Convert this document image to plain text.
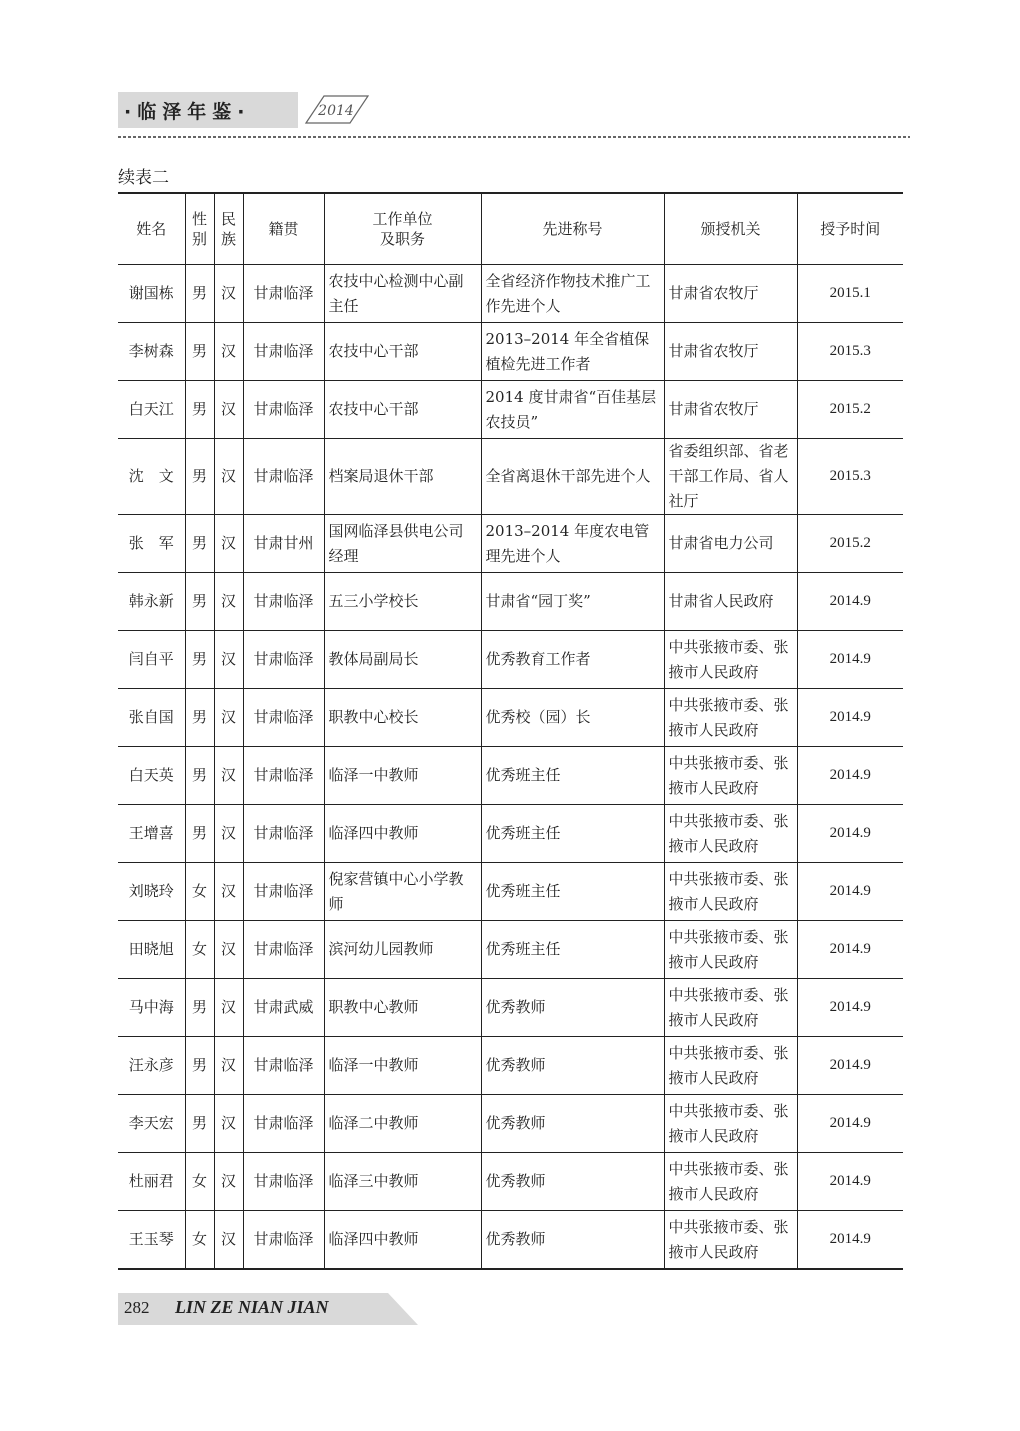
·临泽年鉴·	2014
续表二
姓名	性别	民族	籍贯	工作单位及职务	先进称号	颁授机关	授予时间
谢国栋	男	汉	甘肃临泽	农技中心检测中心副主任	全省经济作物技术推广工作先进个人	甘肃省农牧厅	2015.1
李树森	男	汉	甘肃临泽	农技中心干部	2013–2014 年全省植保植检先进工作者	甘肃省农牧厅	2015.3
白天江	男	汉	甘肃临泽	农技中心干部	2014 度甘肃省“百佳基层农技员”	甘肃省农牧厅	2015.2
沈　文	男	汉	甘肃临泽	档案局退休干部	全省离退休干部先进个人	省委组织部、省老干部工作局、省人社厅	2015.3
张　军	男	汉	甘肃甘州	国网临泽县供电公司经理	2013–2014 年度农电管理先进个人	甘肃省电力公司	2015.2
韩永新	男	汉	甘肃临泽	五三小学校长	甘肃省“园丁奖”	甘肃省人民政府	2014.9
闫自平	男	汉	甘肃临泽	教体局副局长	优秀教育工作者	中共张掖市委、张掖市人民政府	2014.9
张自国	男	汉	甘肃临泽	职教中心校长	优秀校（园）长	中共张掖市委、张掖市人民政府	2014.9
白天英	男	汉	甘肃临泽	临泽一中教师	优秀班主任	中共张掖市委、张掖市人民政府	2014.9
王增喜	男	汉	甘肃临泽	临泽四中教师	优秀班主任	中共张掖市委、张掖市人民政府	2014.9
刘晓玲	女	汉	甘肃临泽	倪家营镇中心小学教师	优秀班主任	中共张掖市委、张掖市人民政府	2014.9
田晓旭	女	汉	甘肃临泽	滨河幼儿园教师	优秀班主任	中共张掖市委、张掖市人民政府	2014.9
马中海	男	汉	甘肃武威	职教中心教师	优秀教师	中共张掖市委、张掖市人民政府	2014.9
汪永彦	男	汉	甘肃临泽	临泽一中教师	优秀教师	中共张掖市委、张掖市人民政府	2014.9
李天宏	男	汉	甘肃临泽	临泽二中教师	优秀教师	中共张掖市委、张掖市人民政府	2014.9
杜丽君	女	汉	甘肃临泽	临泽三中教师	优秀教师	中共张掖市委、张掖市人民政府	2014.9
王玉琴	女	汉	甘肃临泽	临泽四中教师	优秀教师	中共张掖市委、张掖市人民政府	2014.9
282 LIN ZE NIAN JIAN
